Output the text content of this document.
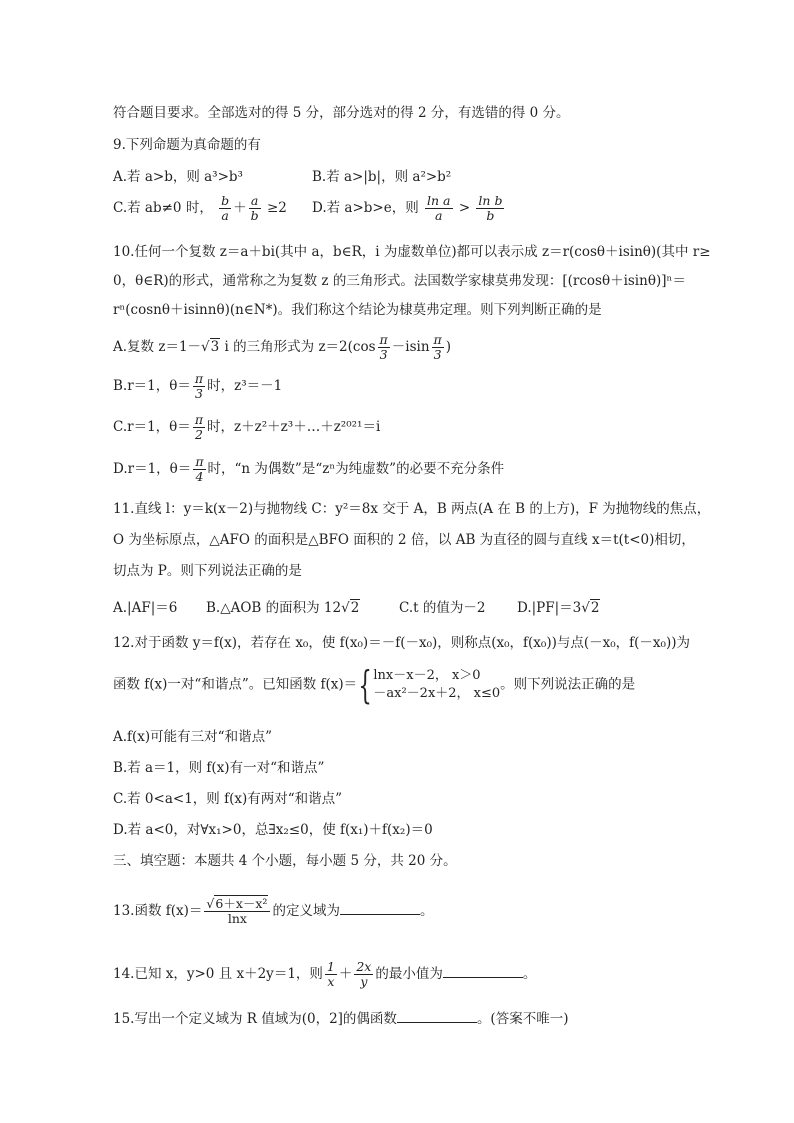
符合题目要求。全部选对的得 5 分，部分选对的得 2 分，有选错的得 0 分。
9.下列命题为真命题的有
A.若 a>b，则 a³>b³	B.若 a>|b|，则 a²>b²
C.若 ab≠0 时， $\frac{b}{a} + \frac{a}{b} \ge 2$ D.若 a>b>e，则 $\frac{\text{ln a}}{a} > \frac{\text{ln b}}{b}$
10.任何一个复数 z＝a＋bi(其中 a，b∈R，i 为虚数单位)都可以表示成 z＝r(cosθ＋isinθ)(其中 r≥
0，θ∈R)的形式，通常称之为复数 z 的三角形式。法国数学家棣莫弗发现：[(rcosθ＋isinθ)]ⁿ＝
rⁿ(cosnθ＋isinnθ)(n∈N*)。我们称这个结论为棣莫弗定理。则下列判断正确的是
A.复数 z＝1－√3 i 的三角形式为 $z=2(\cos \frac{\pi}{3} -isin \frac{\pi}{3}$ )
B.r＝1，$\theta= \frac{\pi}{3}$ 时，z³＝－1
C.r＝1，$\theta= \frac{\pi}{2}$ 时，z＋z²＋z³＋…＋z²⁰²¹＝i
D.r＝1，$\theta= \frac{\pi}{4}$ 时，“n 为偶数”是“zⁿ为纯虚数”的必要不充分条件
11.直线 l：y＝k(x－2)与抛物线 C：y²＝8x 交于 A，B 两点(A 在 B 的上方)，F 为抛物线的焦点，
O 为坐标原点，△AFO 的面积是△BFO 面积的 2 倍，以 AB 为直径的圆与直线 x＝t(t<0)相切，
切点为 P。则下列说法正确的是
A.|AF|＝6 B.△AOB 的面积为 12√2	C.t 的值为－2 D.|PF|＝3√2
12.对于函数 y＝f(x)，若存在 x₀，使 f(x₀)＝－f(－x₀)，则称点(x₀，f(x₀))与点(－x₀，f(－x₀))为
函数 f(x)一对“和谐点”。已知函数 f(x)＝{ lnx－x－2， x＞0
－ax²－2x＋2， x≤0
。则下列说法正确的是
A.f(x)可能有三对“和谐点”
B.若 a＝1，则 f(x)有一对“和谐点”
C.若 0<a<1，则 f(x)有两对“和谐点”
D.若 a<0，对∀x₁>0，总∃x₂≤0，使 f(x₁)＋f(x₂)＝0
三、填空题：本题共 4 个小题，每小题 5 分，共 20 分。
13.函数 $f(x)= \frac{\text{√6＋x－x²}}{\ln x}$ 的定义域为	。
14.已知 x，y>0 且 x＋2y＝1，则 $\frac{1}{x} + \frac{2x}{y}$ 的最小值为	。
15.写出一个定义域为 R 值域为(0，2]的偶函数	。(答案不唯一)
